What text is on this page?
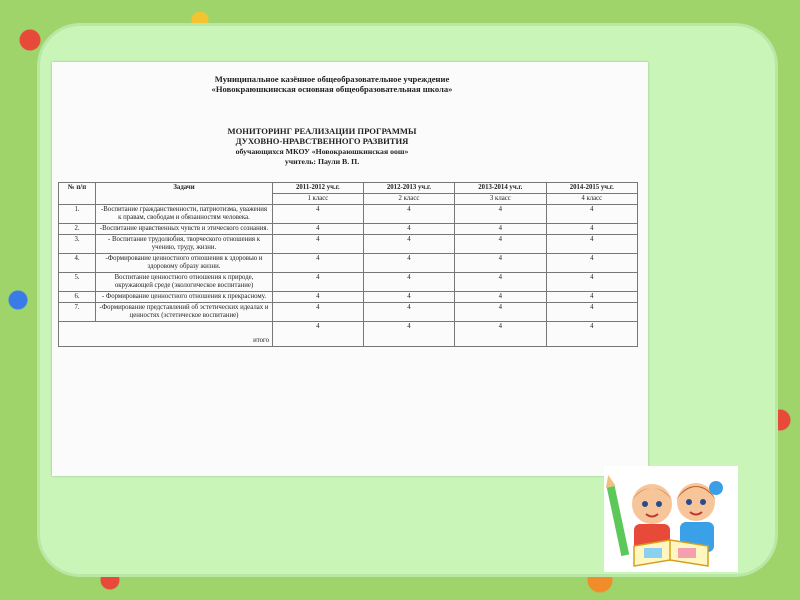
Муниципальное казённое общеобразовательное учреждение
«Новокраюшкинская основная общеобразовательная школа»
МОНИТОРИНГ РЕАЛИЗАЦИИ ПРОГРАММЫ
ДУХОВНО-НРАВСТВЕННОГО РАЗВИТИЯ
обучающихся МКОУ «Новокраюшкинская оош»
учитель: Паули В. П.
№ п/п	Задачи	2011-2012 уч.г.	2012-2013 уч.г.	2013-2014 уч.г.	2014-2015 уч.г.
		1 класс	2 класс	3 класс	4 класс
1.	-Воспитание гражданственности, патриотизма, уважения к правам, свободам и обязанностям человека.	4	4	4	4
2.	-Воспитание нравственных чувств и этического сознания.	4	4	4	4
3.	- Воспитание трудолюбия, творческого отношения к учению, труду, жизни.	4	4	4	4
4.	-Формирование ценностного отношения к здоровью и здоровому образу жизни.	4	4	4	4
5.	Воспитание ценностного отношения к природе, окружающей среде (экологическое воспитание)	4	4	4	4
6.	- Формирование ценностного отношения к прекрасному.	4	4	4	4
7.	-Формирование представлений об эстетических идеалах и ценностях (эстетическое воспитание)	4	4	4	4
итого		4	4	4	4
